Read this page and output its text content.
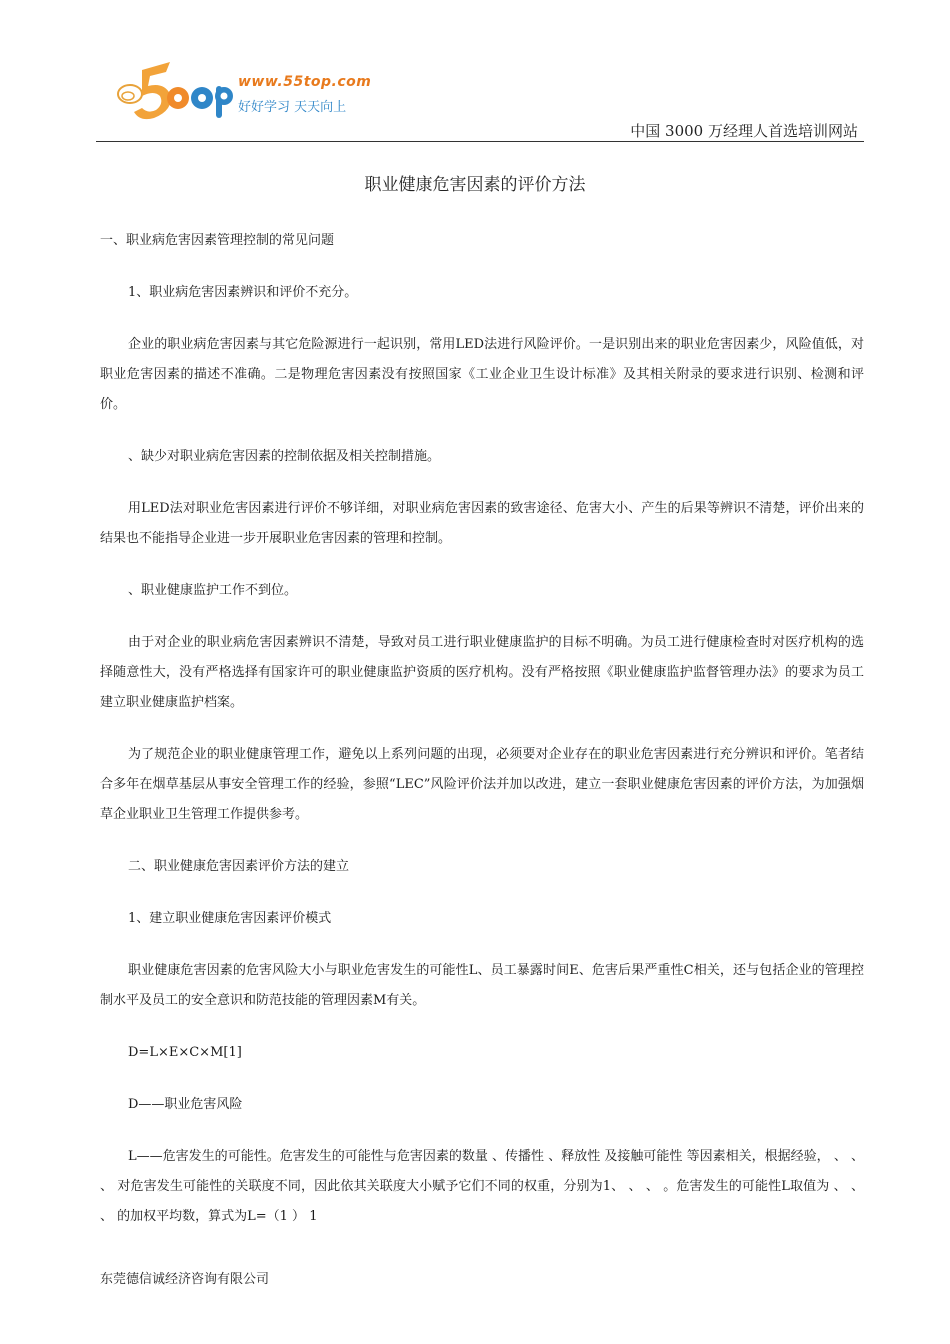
www.55top.com
好好学习 天天向上
中国 3000 万经理人首选培训网站
职业健康危害因素的评价方法

一、职业病危害因素管理控制的常见问题

1、职业病危害因素辨识和评价不充分。

企业的职业病危害因素与其它危险源进行一起识别，常用LED法进行风险评价。一是识别出来的职业危害因素少，风险值低，对职业危害因素的描述不准确。二是物理危害因素没有按照国家《工业企业卫生设计标准》及其相关附录的要求进行识别、检测和评价。

、缺少对职业病危害因素的控制依据及相关控制措施。

用LED法对职业危害因素进行评价不够详细，对职业病危害因素的致害途径、危害大小、产生的后果等辨识不清楚，评价出来的结果也不能指导企业进一步开展职业危害因素的管理和控制。

、职业健康监护工作不到位。

由于对企业的职业病危害因素辨识不清楚，导致对员工进行职业健康监护的目标不明确。为员工进行健康检查时对医疗机构的选择随意性大，没有严格选择有国家许可的职业健康监护资质的医疗机构。没有严格按照《职业健康监护监督管理办法》的要求为员工建立职业健康监护档案。

为了规范企业的职业健康管理工作，避免以上系列问题的出现，必须要对企业存在的职业危害因素进行充分辨识和评价。笔者结合多年在烟草基层从事安全管理工作的经验，参照“LEC”风险评价法并加以改进，建立一套职业健康危害因素的评价方法，为加强烟草企业职业卫生管理工作提供参考。

二、职业健康危害因素评价方法的建立

1、建立职业健康危害因素评价模式

职业健康危害因素的危害风险大小与职业危害发生的可能性L、员工暴露时间E、危害后果严重性C相关，还与包括企业的管理控制水平及员工的安全意识和防范技能的管理因素M有关。

D=L×E×C×M[1]

D——职业危害风险

L——危害发生的可能性。危害发生的可能性与危害因素的数量 、传播性 、释放性 及接触可能性 等因素相关，根据经验， 、 、 、 对危害发生可能性的关联度不同，因此依其关联度大小赋予它们不同的权重，分别为1、 、 、 。危害发生的可能性L取值为 、 、 、 的加权平均数，算式为L=（1 ） 1

东莞德信诚经济咨询有限公司
